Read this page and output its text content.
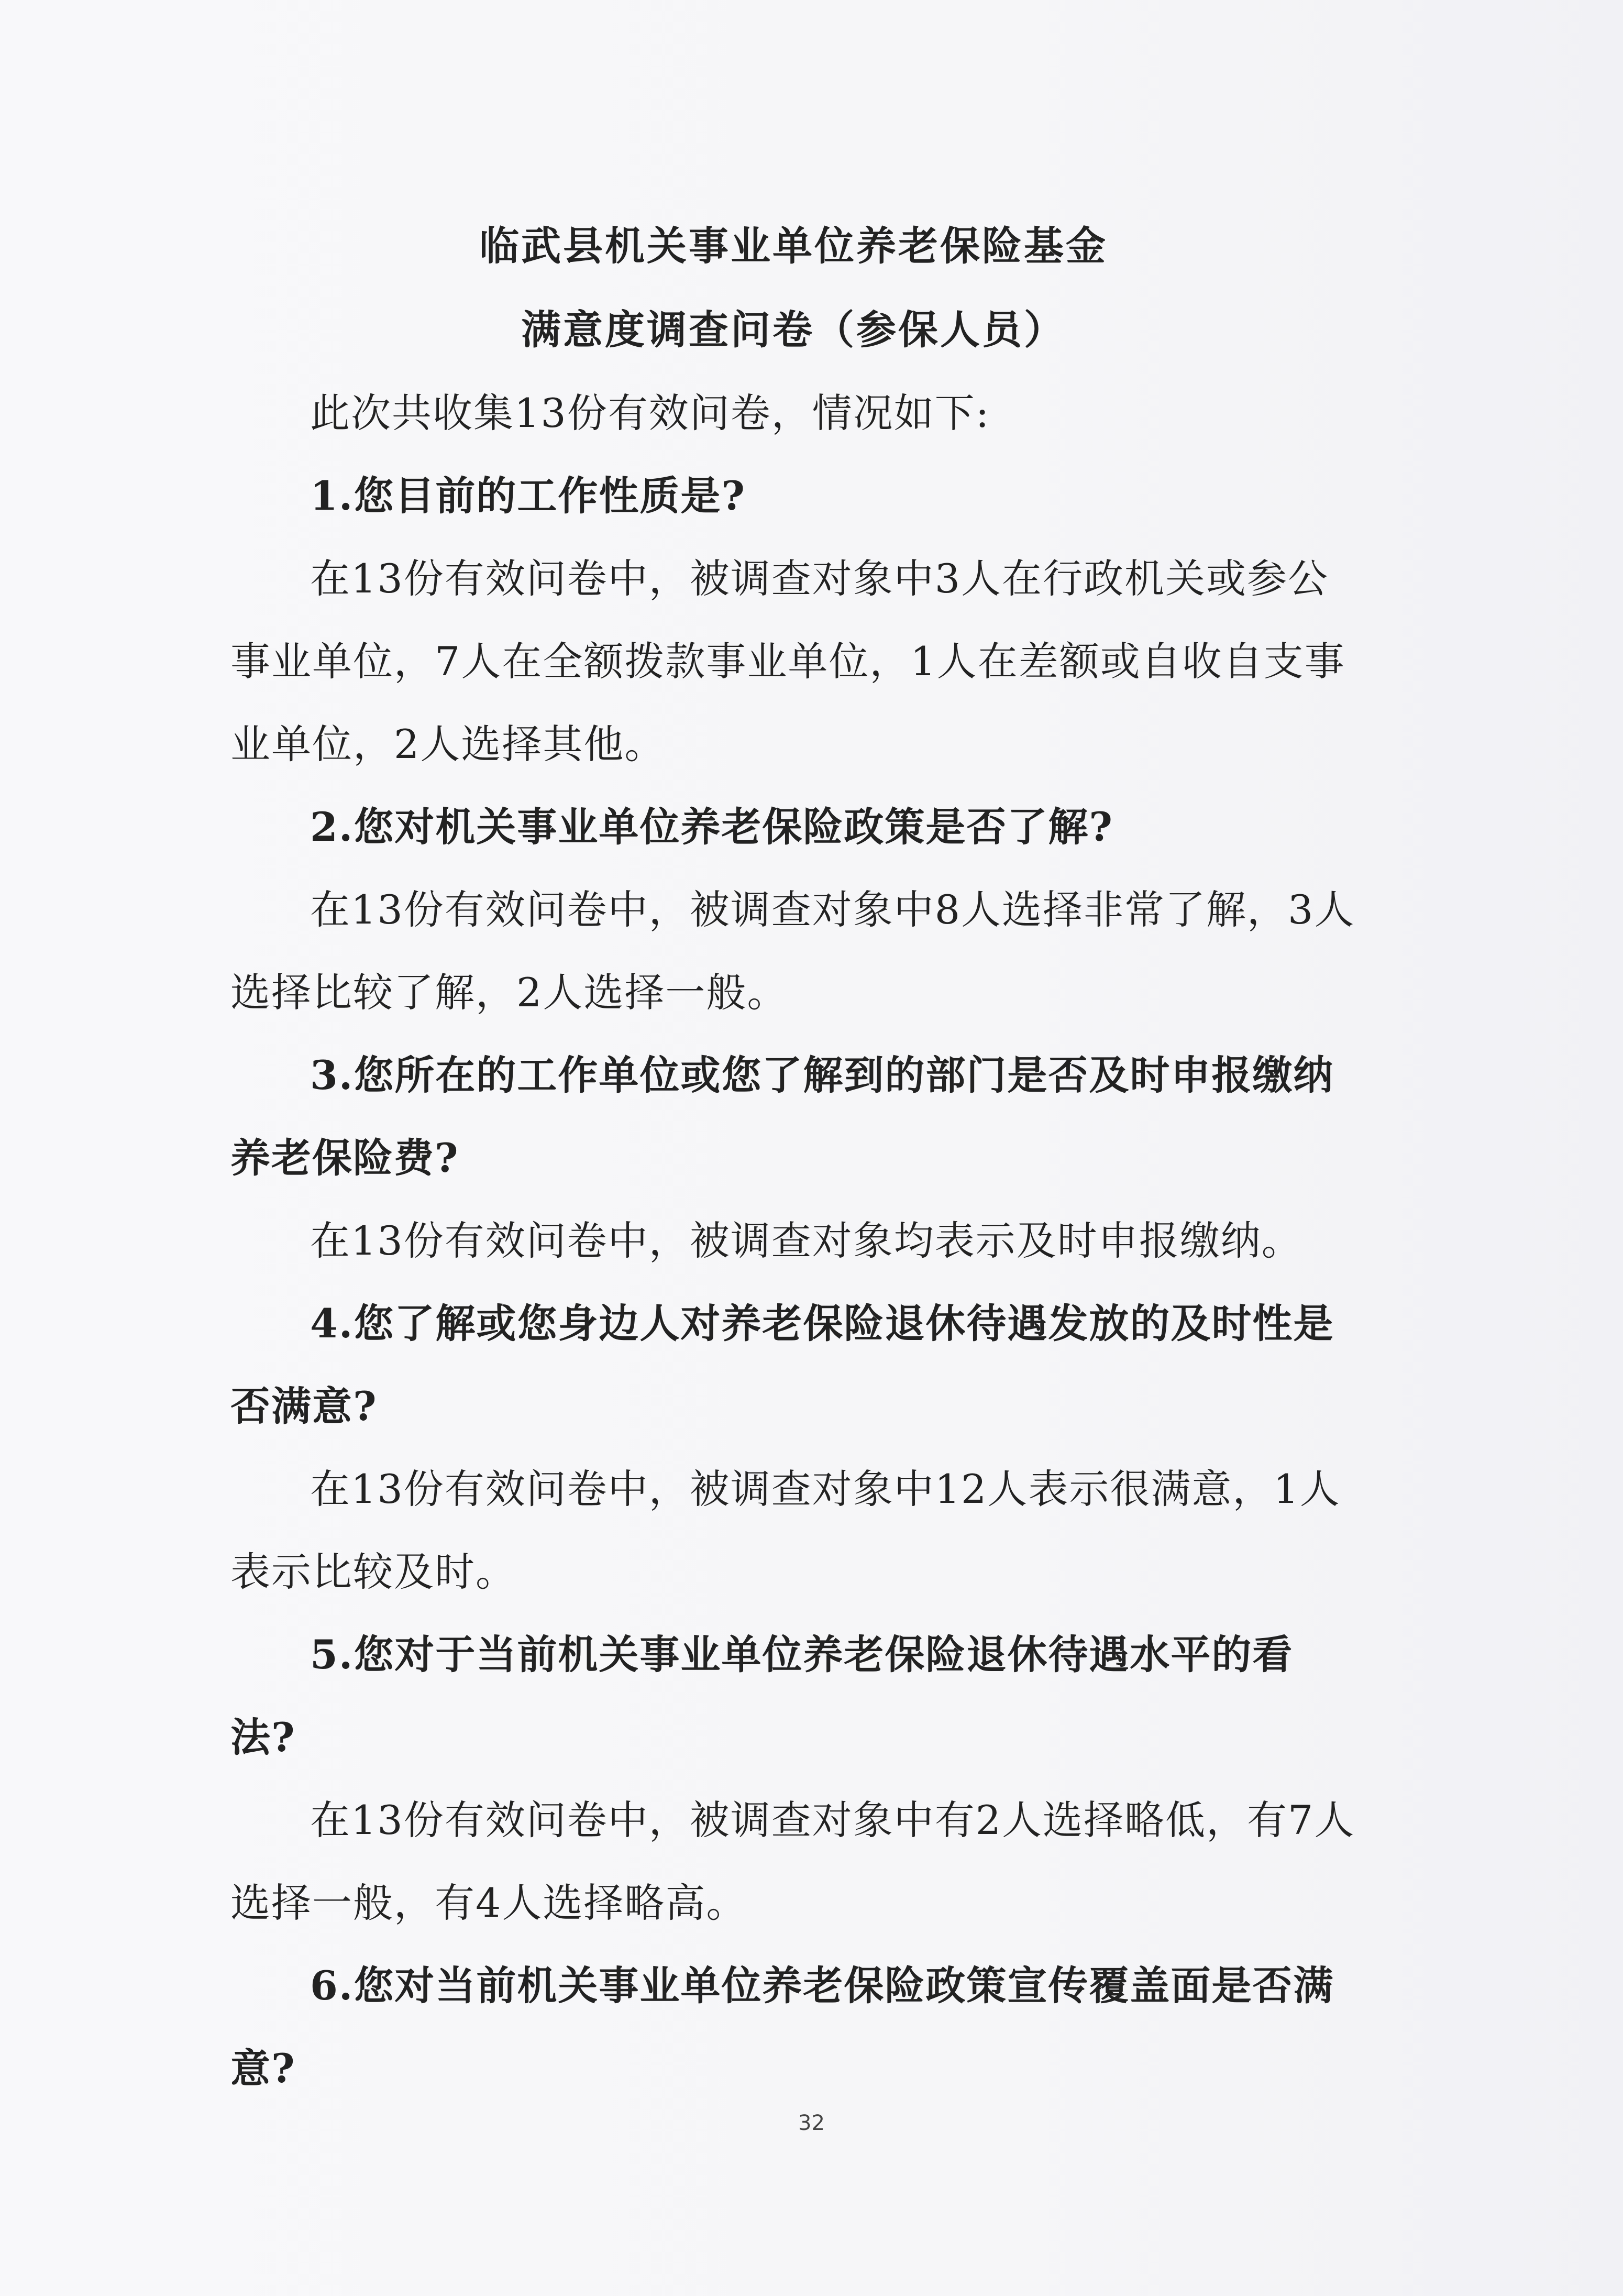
临武县机关事业单位养老保险基金

满意度调查问卷（参保人员）

此次共收集13份有效问卷，情况如下:

1.您目前的工作性质是?

在13份有效问卷中，被调查对象中3人在行政机关或参公事业单位，7人在全额拨款事业单位，1人在差额或自收自支事业单位，2人选择其他。

2.您对机关事业单位养老保险政策是否了解?

在13份有效问卷中，被调查对象中8人选择非常了解，3人选择比较了解，2人选择一般。

3.您所在的工作单位或您了解到的部门是否及时申报缴纳养老保险费?

在13份有效问卷中，被调查对象均表示及时申报缴纳。

4.您了解或您身边人对养老保险退休待遇发放的及时性是否满意?

在13份有效问卷中，被调查对象中12人表示很满意，1人表示比较及时。

5.您对于当前机关事业单位养老保险退休待遇水平的看法?

在13份有效问卷中，被调查对象中有2人选择略低，有7人选择一般，有4人选择略高。

6.您对当前机关事业单位养老保险政策宣传覆盖面是否满意?

32
